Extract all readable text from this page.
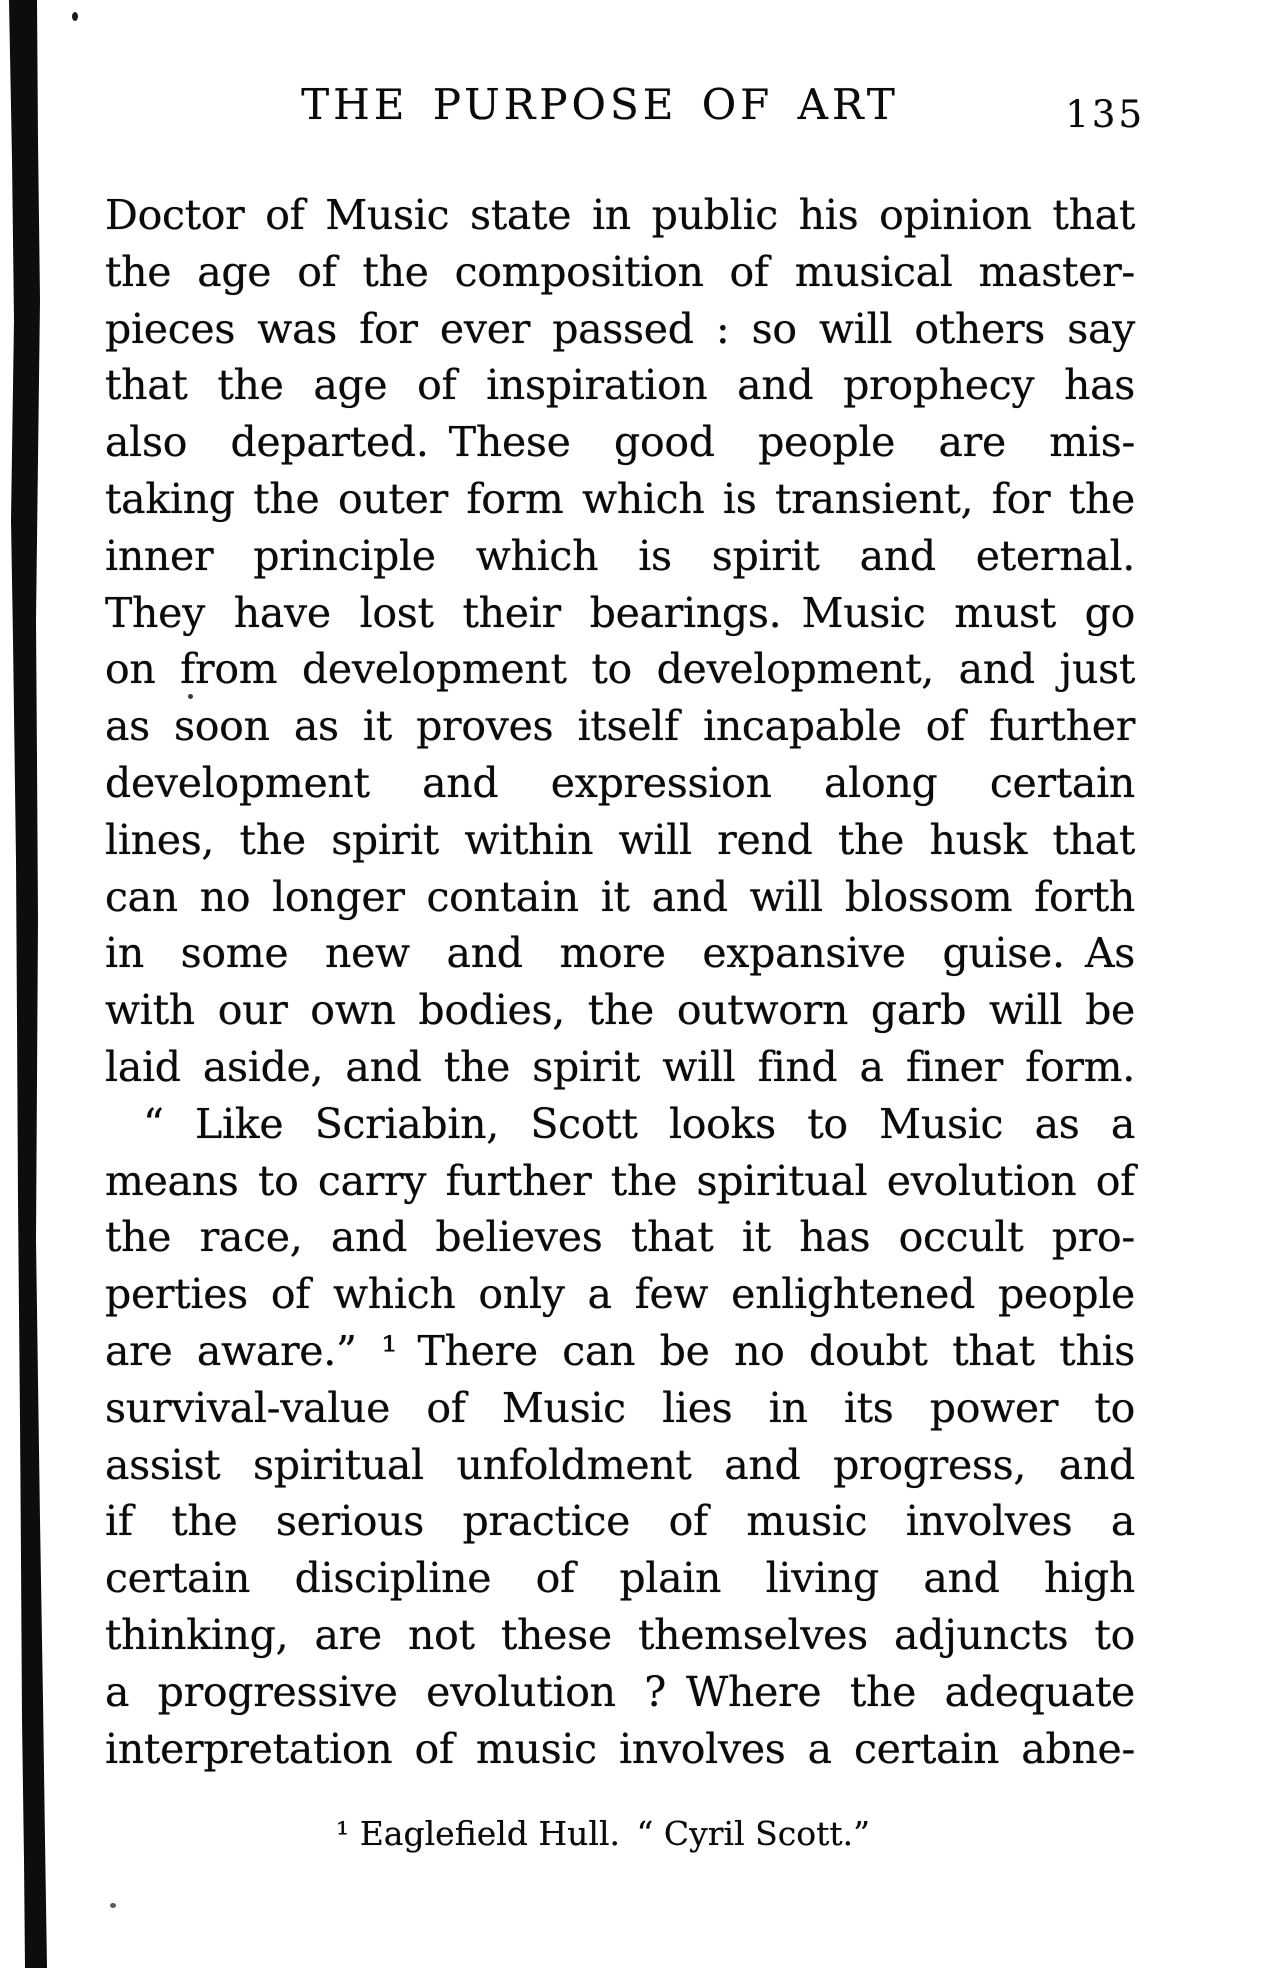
THE PURPOSE OF ART	135
Doctor of Music state in public his opinion that
the age of the composition of musical master-
pieces was for ever passed : so will others say
that the age of inspiration and prophecy has
also departed. These good people are mis-
taking the outer form which is transient, for the
inner principle which is spirit and eternal.
They have lost their bearings. Music must go
on from development to development, and just
as soon as it proves itself incapable of further
development and expression along certain
lines, the spirit within will rend the husk that
can no longer contain it and will blossom forth
in some new and more expansive guise. As
with our own bodies, the outworn garb will be
laid aside, and the spirit will find a finer form.
“ Like Scriabin, Scott looks to Music as a
means to carry further the spiritual evolution of
the race, and believes that it has occult pro-
perties of which only a few enlightened people
are aware.” ¹ There can be no doubt that this
survival-value of Music lies in its power to
assist spiritual unfoldment and progress, and
if the serious practice of music involves a
certain discipline of plain living and high
thinking, are not these themselves adjuncts to
a progressive evolution ? Where the adequate
interpretation of music involves a certain abne-
¹ Eaglefield Hull. “ Cyril Scott.”
